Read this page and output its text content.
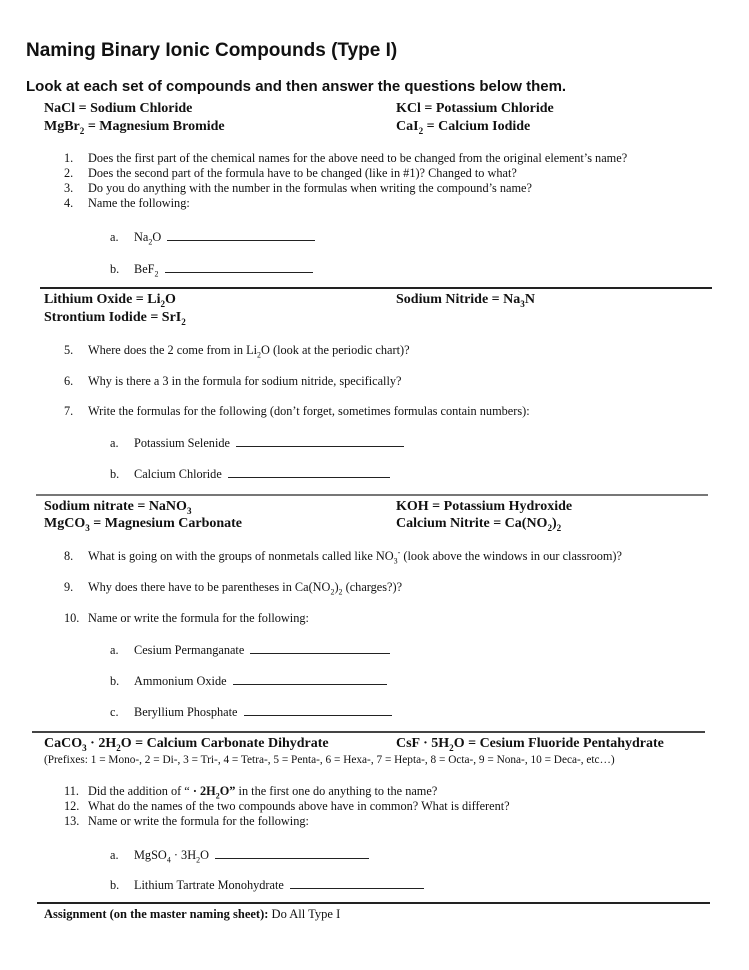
Naming Binary Ionic Compounds (Type I)
Look at each set of compounds and then answer the questions below them.
NaCl = Sodium Chloride	KCl = Potassium Chloride
MgBr$_2$ = Magnesium Bromide	CaI$_2$ = Calcium Iodide
1. Does the first part of the chemical names for the above need to be changed from the original element’s name?
2. Does the second part of the formula have to be changed (like in #1)? Changed to what?
3. Do you do anything with the number in the formulas when writing the compound’s name?
4. Name the following:
a. $Na_2O$
b. BeF$_2$
Lithium Oxide = $Li_2O$	Sodium Nitride = $Na_3N$
Strontium Iodide = SrI$_2$
5. Where does the 2 come from in $Li_2O$ (look at the periodic chart)?
6. Why is there a 3 in the formula for sodium nitride, specifically?
7. Write the formulas for the following (don’t forget, sometimes formulas contain numbers):
a. Potassium Selenide
b. Calcium Chloride
Sodium nitrate = NaNO$_3$	KOH = Potassium Hydroxide
MgCO$_3$ = Magnesium Carbonate	Calcium Nitrite = $Ca(NO_2)_2$
8. What is going on with the groups of nonmetals called like $NO_3^-$ (look above the windows in our classroom)?
9. Why does there have to be parentheses in $Ca(NO_2)_2$ (charges?)?
10. Name or write the formula for the following:
a. Cesium Permanganate
b. Ammonium Oxide
c. Beryllium Phosphate
CaCO$_3$ · $2H_2O$ = Calcium Carbonate Dihydrate	CsF · $5H_2O$ = Cesium Fluoride Pentahydrate
(Prefixes: 1 = Mono-, 2 = Di-, 3 = Tri-, 4 = Tetra-, 5 = Penta-, 6 = Hexa-, 7 = Hepta-, 8 = Octa-, 9 = Nona-, 10 = Deca-, etc…)
11. Did the addition of “ · $2H_2O$” in the first one do anything to the name?
12. What do the names of the two compounds above have in common? What is different?
13. Name or write the formula for the following:
a. MgSO$_4$ · $3H_2O$
b. Lithium Tartrate Monohydrate
Assignment (on the master naming sheet): Do All Type I
